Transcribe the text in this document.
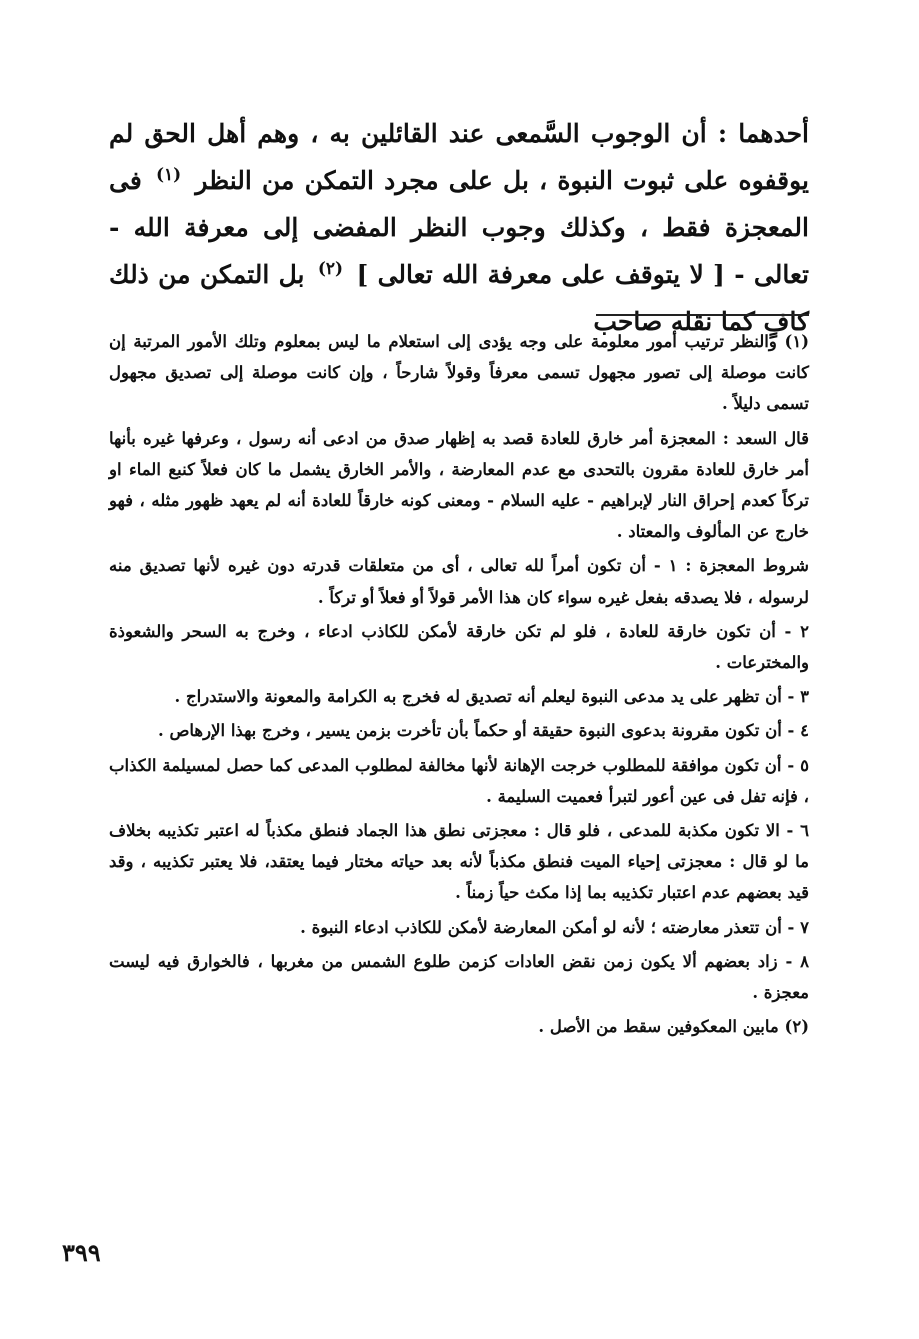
أحدهما : أن الوجوب السَّمعى عند القائلين به ، وهم أهل الحق لم يوقفوه على ثبوت النبوة ، بل على مجرد التمكن من النظر $^{(١)}$ فى المعجزة فقط ، وكذلك وجوب النظر المفضى إلى معرفة الله - تعالى - [ لا يتوقف على معرفة الله تعالى ] $^{(٢)}$ بل التمكن من ذلك كافٍ كما نقله صاحب

(١) والنظر ترتيب أمور معلومة على وجه يؤدى إلى استعلام ما ليس بمعلوم وتلك الأمور المرتبة إن كانت موصلة إلى تصور مجهول تسمى معرفاً وقولاً شارحاً ، وإن كانت موصلة إلى تصديق مجهول تسمى دليلاً .

قال السعد : المعجزة أمر خارق للعادة قصد به إظهار صدق من ادعى أنه رسول ، وعرفها غيره بأنها أمر خارق للعادة مقرون بالتحدى مع عدم المعارضة ، والأمر الخارق يشمل ما كان فعلاً كنبع الماء او تركاً كعدم إحراق النار لإبراهيم - عليه السلام - ومعنى كونه خارقاً للعادة أنه لم يعهد ظهور مثله ، فهو خارج عن المألوف والمعتاد .

شروط المعجزة : ١ - أن تكون أمراً لله تعالى ، أى من متعلقات قدرته دون غيره لأنها تصديق منه لرسوله ، فلا يصدقه بفعل غيره سواء كان هذا الأمر قولاً أو فعلاً أو تركاً .

٢ - أن تكون خارقة للعادة ، فلو لم تكن خارقة لأمكن للكاذب ادعاء ، وخرج به السحر والشعوذة والمخترعات .

٣ - أن تظهر على يد مدعى النبوة ليعلم أنه تصديق له فخرج به الكرامة والمعونة والاستدراج .

٤ - أن تكون مقرونة بدعوى النبوة حقيقة أو حكماً بأن تأخرت بزمن يسير ، وخرج بهذا الإرهاص .

٥ - أن تكون موافقة للمطلوب خرجت الإهانة لأنها مخالفة لمطلوب المدعى كما حصل لمسيلمة الكذاب ، فإنه تفل فى عين أعور لتبرأ فعميت السليمة .

٦ - الا تكون مكذبة للمدعى ، فلو قال : معجزتى نطق هذا الجماد فنطق مكذباً له اعتبر تكذيبه بخلاف ما لو قال : معجزتى إحياء الميت فنطق مكذباً لأنه بعد حياته مختار فيما يعتقد، فلا يعتبر تكذيبه ، وقد قيد بعضهم عدم اعتبار تكذيبه بما إذا مكث حياً زمناً .

٧ - أن تتعذر معارضته ؛ لأنه لو أمكن المعارضة لأمكن للكاذب ادعاء النبوة .

٨ - زاد بعضهم ألا يكون زمن نقض العادات كزمن طلوع الشمس من مغربها ، فالخوارق فيه ليست معجزة .

(٢) مابين المعكوفين سقط من الأصل .

٣٩٩
